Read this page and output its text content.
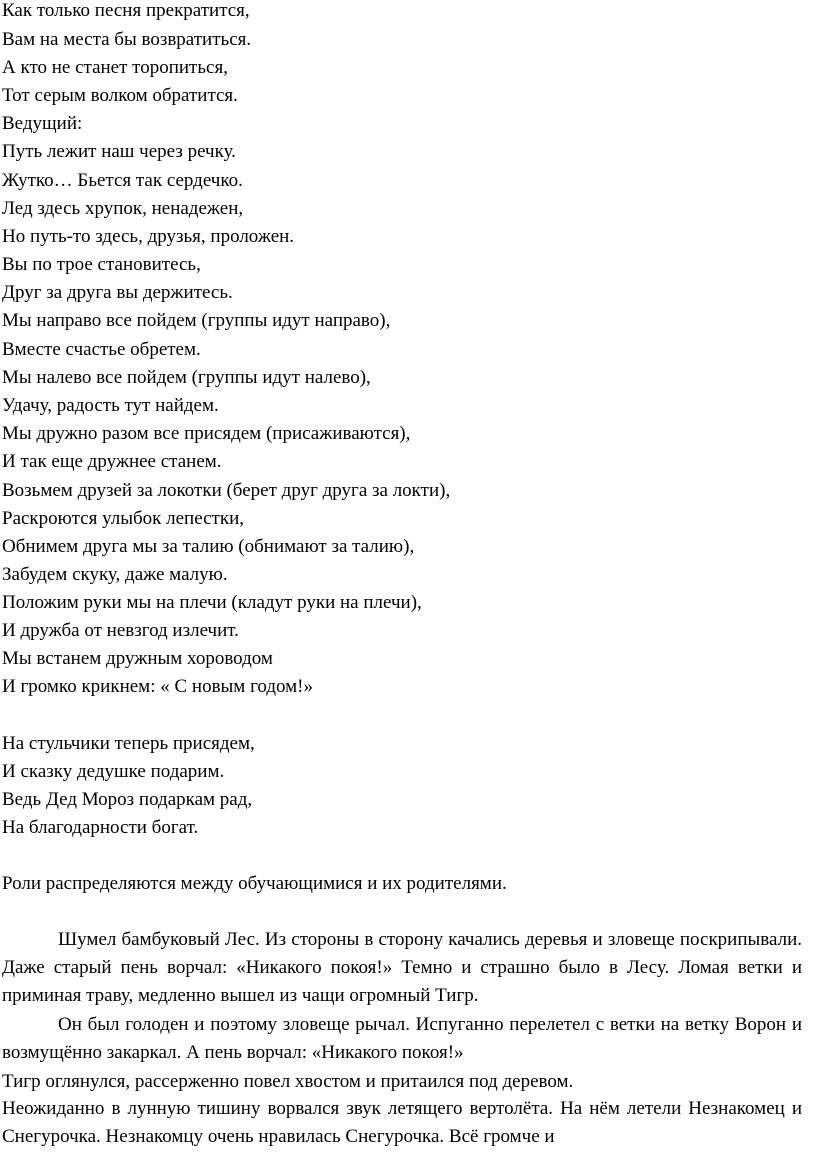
Как только песня прекратится,
Вам на места бы возвратиться.
А кто не станет торопиться,
Тот серым волком обратится.
Ведущий:
Путь лежит наш через речку.
Жутко… Бьется так сердечко.
Лед здесь хрупок, ненадежен,
Но путь-то здесь, друзья, проложен.
Вы по трое становитесь,
Друг за друга вы держитесь.
Мы направо все пойдем (группы идут направо),
Вместе счастье обретем.
Мы налево все пойдем (группы идут налево),
Удачу, радость тут найдем.
Мы дружно разом все присядем (присаживаются),
И так еще дружнее станем.
Возьмем друзей за локотки (берет друг друга за локти),
Раскроются улыбок лепестки,
Обнимем друга мы за талию (обнимают за талию),
Забудем скуку, даже малую.
Положим руки мы на плечи (кладут руки на плечи),
И дружба от невзгод излечит.
Мы встанем дружным хороводом
И громко крикнем: « С новым годом!»
На стульчики теперь присядем,
И сказку дедушке подарим.
Ведь Дед Мороз подаркам рад,
На благодарности богат.
Роли распределяются между обучающимися и их родителями.
Шумел бамбуковый Лес. Из стороны в сторону качались деревья и зловеще поскрипывали. Даже старый пень ворчал: «Никакого покоя!» Темно и страшно было в Лесу. Ломая ветки и приминая траву, медленно вышел из чащи огромный Тигр.
Он был голоден и поэтому зловеще рычал. Испуганно перелетел с ветки на ветку Ворон и возмущённо закаркал. А пень ворчал: «Никакого покоя!»
Тигр оглянулся, рассерженно повел хвостом и притаился под деревом.
Неожиданно в лунную тишину ворвался звук летящего вертолёта. На нём летели Незнакомец и Снегурочка. Незнакомцу очень нравилась Снегурочка. Всё громче и
